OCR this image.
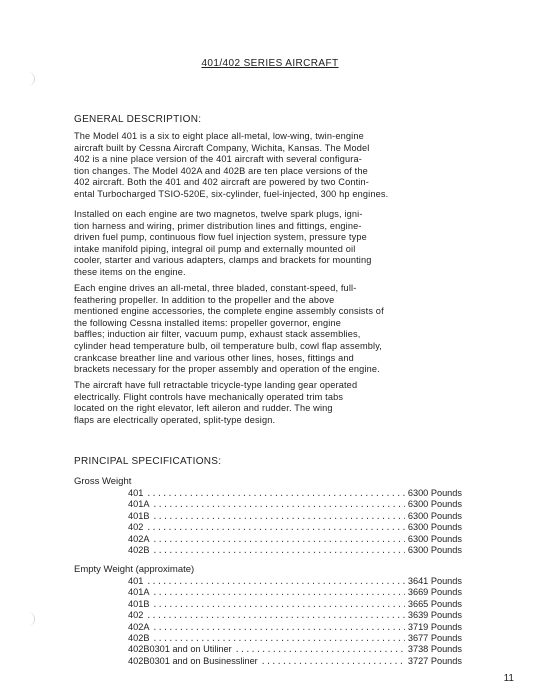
401/402 SERIES AIRCRAFT
GENERAL DESCRIPTION:
The Model 401 is a six to eight place all-metal, low-wing, twin-engine
aircraft built by Cessna Aircraft Company, Wichita, Kansas. The Model
402 is a nine place version of the 401 aircraft with several configura-
tion changes. The Model 402A and 402B are ten place versions of the
402 aircraft. Both the 401 and 402 aircraft are powered by two Contin-
ental Turbocharged TSIO-520E, six-cylinder, fuel-injected, 300 hp engines.
Installed on each engine are two magnetos, twelve spark plugs, igni-
tion harness and wiring, primer distribution lines and fittings, engine-
driven fuel pump, continuous flow fuel injection system, pressure type
intake manifold piping, integral oil pump and externally mounted oil
cooler, starter and various adapters, clamps and brackets for mounting
these items on the engine.
Each engine drives an all-metal, three bladed, constant-speed, full-
feathering propeller. In addition to the propeller and the above
mentioned engine accessories, the complete engine assembly consists of
the following Cessna installed items: propeller governor, engine
baffles; induction air filter, vacuum pump, exhaust stack assemblies,
cylinder head temperature bulb, oil temperature bulb, cowl flap assembly,
crankcase breather line and various other lines, hoses, fittings and
brackets necessary for the proper assembly and operation of the engine.
The aircraft have full retractable tricycle-type landing gear operated
electrically. Flight controls have mechanically operated trim tabs
located on the right elevator, left aileron and rudder. The wing
flaps are electrically operated, split-type design.
PRINCIPAL SPECIFICATIONS:
Gross Weight
401 .....	6300 Pounds
401A .....	6300 Pounds
401B .....	6300 Pounds
402 .....	6300 Pounds
402A .....	6300 Pounds
402B .....	6300 Pounds
Empty Weight (approximate)
401 .....	3641 Pounds
401A .....	3669 Pounds
401B .....	3665 Pounds
402 .....	3639 Pounds
402A .....	3719 Pounds
402B .....	3677 Pounds
402B0301 and on Utiliner .....	3738 Pounds
402B0301 and on Businessliner .....	3727 Pounds
11
